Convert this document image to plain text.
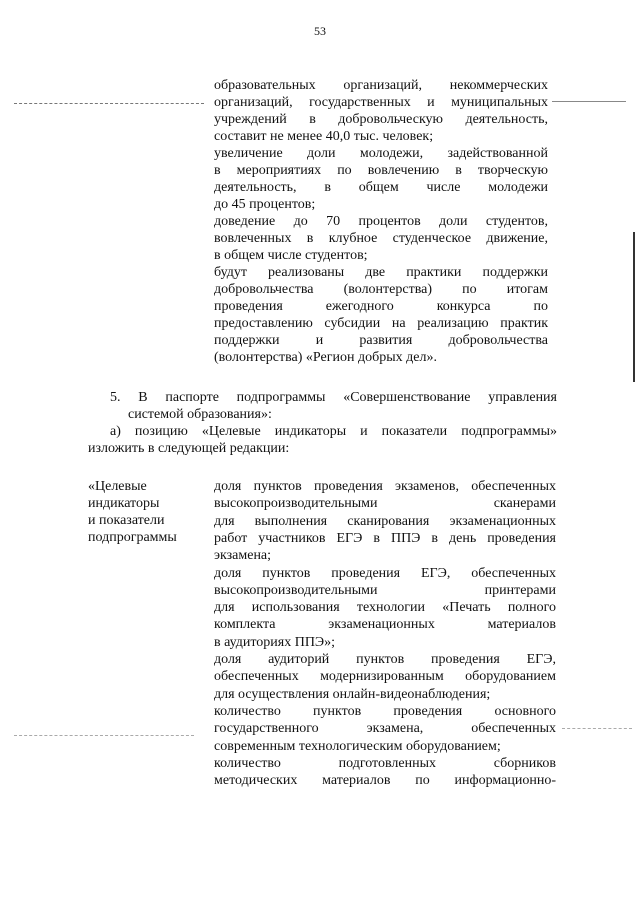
53
образовательных организаций, некоммерческих
организаций, государственных и муниципальных
учреждений в добровольческую деятельность,
составит не менее 40,0 тыс. человек;
увеличение доли молодежи, задействованной
в мероприятиях по вовлечению в творческую
деятельность, в общем числе молодежи
до 45 процентов;
доведение до 70 процентов доли студентов,
вовлеченных в клубное студенческое движение,
в общем числе студентов;
будут реализованы две практики поддержки
добровольчества (волонтерства) по итогам
проведения ежегодного конкурса по
предоставлению субсидии на реализацию практик
поддержки и развития добровольчества
(волонтерства) «Регион добрых дел».
5. В паспорте подпрограммы «Совершенствование управления
системой образования»:
а) позицию «Целевые индикаторы и показатели подпрограммы»
изложить в следующей редакции:
«Целевые
индикаторы
и показатели
подпрограммы
доля пунктов проведения экзаменов, обеспеченных
высокопроизводительными сканерами
для выполнения сканирования экзаменационных
работ участников ЕГЭ в ППЭ в день проведения
экзамена;
доля пунктов проведения ЕГЭ, обеспеченных
высокопроизводительными принтерами
для использования технологии «Печать полного
комплекта экзаменационных материалов
в аудиториях ППЭ»;
доля аудиторий пунктов проведения ЕГЭ,
обеспеченных модернизированным оборудованием
для осуществления онлайн-видеонаблюдения;
количество пунктов проведения основного
государственного экзамена, обеспеченных
современным технологическим оборудованием;
количество подготовленных сборников
методических материалов по информационно-
